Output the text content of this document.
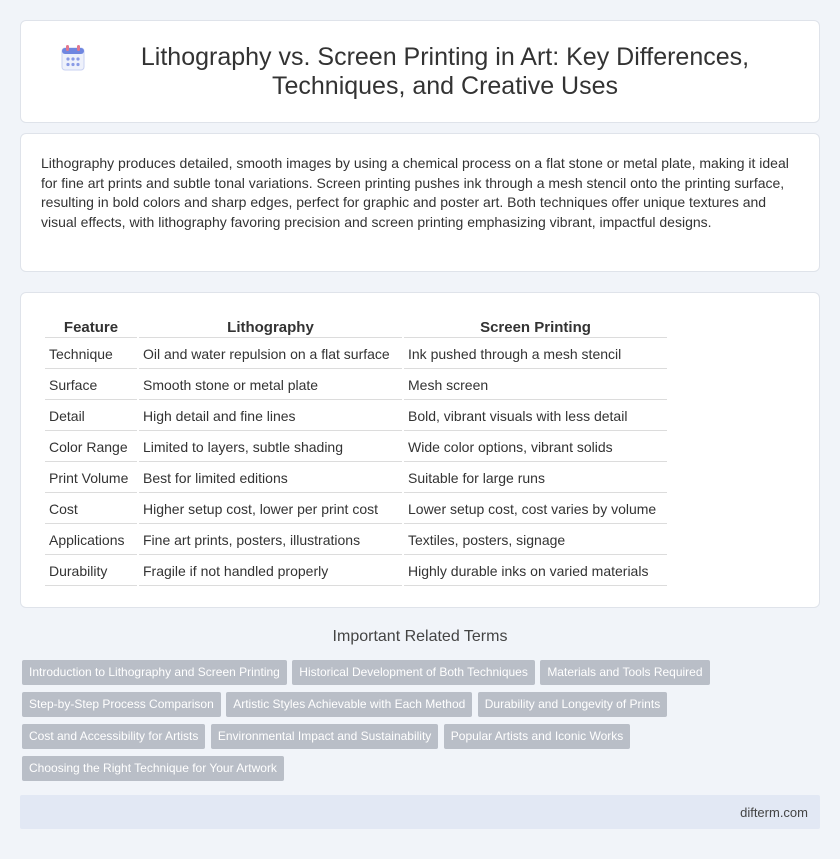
Lithography vs. Screen Printing in Art: Key Differences, Techniques, and Creative Uses

Lithography produces detailed, smooth images by using a chemical process on a flat stone or metal plate, making it ideal for fine art prints and subtle tonal variations. Screen printing pushes ink through a mesh stencil onto the printing surface, resulting in bold colors and sharp edges, perfect for graphic and poster art. Both techniques offer unique textures and visual effects, with lithography favoring precision and screen printing emphasizing vibrant, impactful designs.

Feature	Lithography	Screen Printing
Technique	Oil and water repulsion on a flat surface	Ink pushed through a mesh stencil
Surface	Smooth stone or metal plate	Mesh screen
Detail	High detail and fine lines	Bold, vibrant visuals with less detail
Color Range	Limited to layers, subtle shading	Wide color options, vibrant solids
Print Volume	Best for limited editions	Suitable for large runs
Cost	Higher setup cost, lower per print cost	Lower setup cost, cost varies by volume
Applications	Fine art prints, posters, illustrations	Textiles, posters, signage
Durability	Fragile if not handled properly	Highly durable inks on varied materials
Important Related Terms
Introduction to Lithography and Screen Printing Historical Development of Both Techniques Materials and Tools Required Step-by-Step Process Comparison Artistic Styles Achievable with Each Method Durability and Longevity of Prints Cost and Accessibility for Artists Environmental Impact and Sustainability Popular Artists and Iconic Works Choosing the Right Technique for Your Artwork
difterm.com
